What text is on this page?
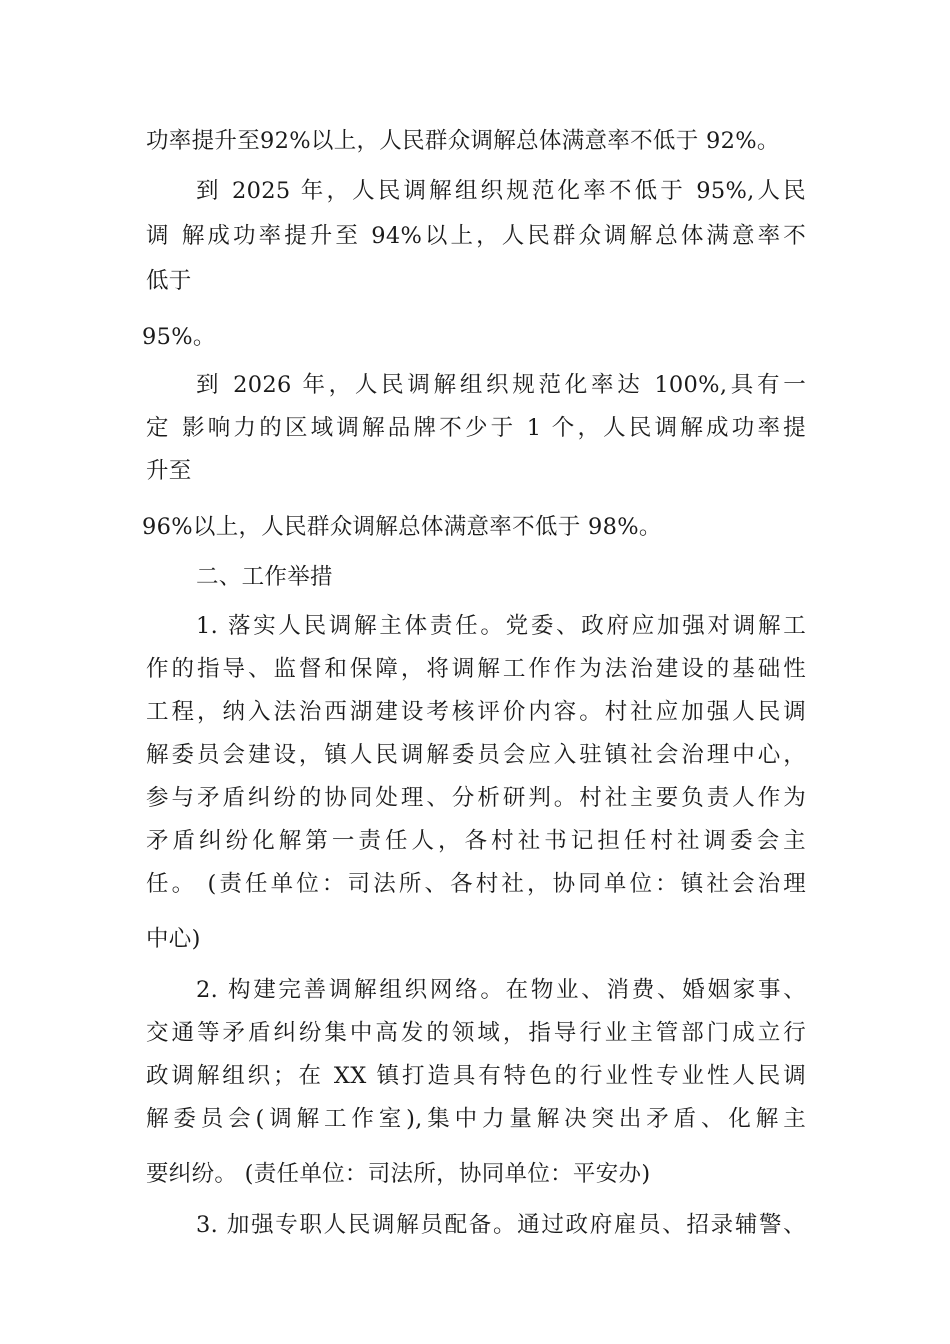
功率提升至92%以上，人民群众调解总体满意率不低于 92%。
到 2025 年，人民调解组织规范化率不低于 95%,人民
调 解成功率提升至 94%以上，人民群众调解总体满意率不
低于
95%。
到 2026 年，人民调解组织规范化率达 100%,具有一
定 影响力的区域调解品牌不少于 1 个，人民调解成功率提
升至
96%以上，人民群众调解总体满意率不低于 98%。
二、工作举措
1. 落实人民调解主体责任。党委、政府应加强对调解工
作的指导、监督和保障，将调解工作作为法治建设的基础性
工程，纳入法治西湖建设考核评价内容。村社应加强人民调
解委员会建设，镇人民调解委员会应入驻镇社会治理中心，
参与矛盾纠纷的协同处理、分析研判。村社主要负责人作为
矛盾纠纷化解第一责任人，各村社书记担任村社调委会主
任。 (责任单位：司法所、各村社，协同单位：镇社会治理
中心)
2. 构建完善调解组织网络。在物业、消费、婚姻家事、
交通等矛盾纠纷集中高发的领域，指导行业主管部门成立行
政调解组织；在 XX 镇打造具有特色的行业性专业性人民调
解委员会(调解工作室),集中力量解决突出矛盾、化解主
要纠纷。 (责任单位：司法所，协同单位：平安办)
3. 加强专职人民调解员配备。通过政府雇员、招录辅警、
